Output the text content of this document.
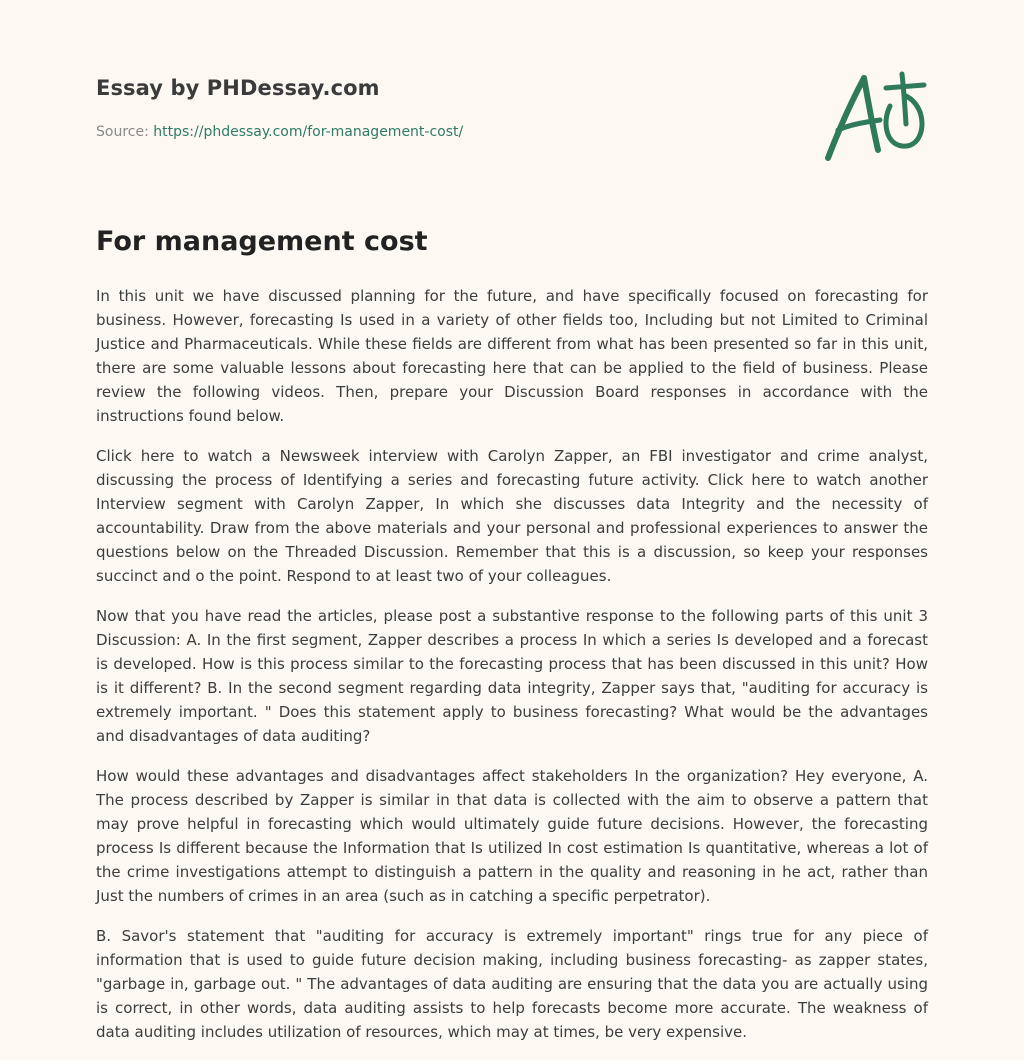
Essay by PHDessay.com
Source: https://phdessay.com/for-management-cost/
For management cost

In this unit we have discussed planning for the future, and have specifically focused on forecasting for business. However, forecasting Is used in a variety of other fields too, Including but not Limited to Criminal Justice and Pharmaceuticals. While these fields are different from what has been presented so far in this unit, there are some valuable lessons about forecasting here that can be applied to the field of business. Please review the following videos. Then, prepare your Discussion Board responses in accordance with the instructions found below.

Click here to watch a Newsweek interview with Carolyn Zapper, an FBI investigator and crime analyst, discussing the process of Identifying a series and forecasting future activity. Click here to watch another Interview segment with Carolyn Zapper, In which she discusses data Integrity and the necessity of accountability. Draw from the above materials and your personal and professional experiences to answer the questions below on the Threaded Discussion. Remember that this is a discussion, so keep your responses succinct and o the point. Respond to at least two of your colleagues.

Now that you have read the articles, please post a substantive response to the following parts of this unit 3 Discussion: A. In the first segment, Zapper describes a process In which a series Is developed and a forecast is developed. How is this process similar to the forecasting process that has been discussed in this unit? How is it different? B. In the second segment regarding data integrity, Zapper says that, "auditing for accuracy is extremely important. " Does this statement apply to business forecasting? What would be the advantages and disadvantages of data auditing?

How would these advantages and disadvantages affect stakeholders In the organization? Hey everyone, A. The process described by Zapper is similar in that data is collected with the aim to observe a pattern that may prove helpful in forecasting which would ultimately guide future decisions. However, the forecasting process Is different because the Information that Is utilized In cost estimation Is quantitative, whereas a lot of the crime investigations attempt to distinguish a pattern in the quality and reasoning in he act, rather than Just the numbers of crimes in an area (such as in catching a specific perpetrator).

B. Savor's statement that "auditing for accuracy is extremely important" rings true for any piece of information that is used to guide future decision making, including business forecasting- as zapper states, "garbage in, garbage out. " The advantages of data auditing are ensuring that the data you are actually using is correct, in other words, data auditing assists to help forecasts become more accurate. The weakness of data auditing includes utilization of resources, which may at times, be very expensive.
